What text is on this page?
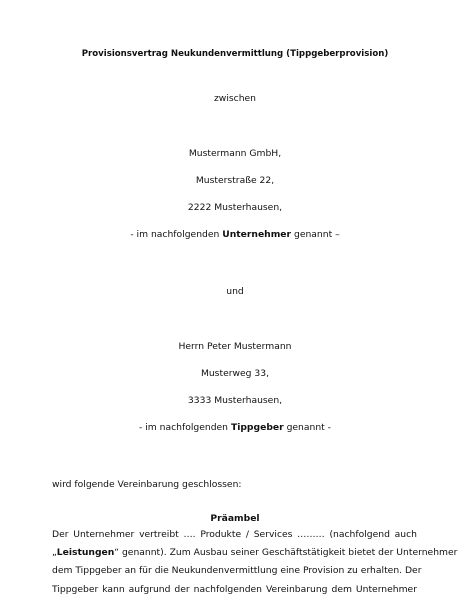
Provisionsvertrag Neukundenvermittlung (Tippgeberprovision)
zwischen
Mustermann GmbH,
Musterstraße 22,
2222 Musterhausen,
- im nachfolgenden Unternehmer genannt –
und
Herrn Peter Mustermann
Musterweg 33,
3333 Musterhausen,
- im nachfolgenden Tippgeber genannt -
wird folgende Vereinbarung geschlossen:
Präambel
Der Unternehmer vertreibt …. Produkte / Services ……… (nachfolgend auch
„Leistungen“ genannt). Zum Ausbau seiner Geschäftstätigkeit bietet der Unternehmer
dem Tippgeber an für die Neukundenvermittlung eine Provision zu erhalten. Der
Tippgeber kann aufgrund der nachfolgenden Vereinbarung dem Unternehmer
